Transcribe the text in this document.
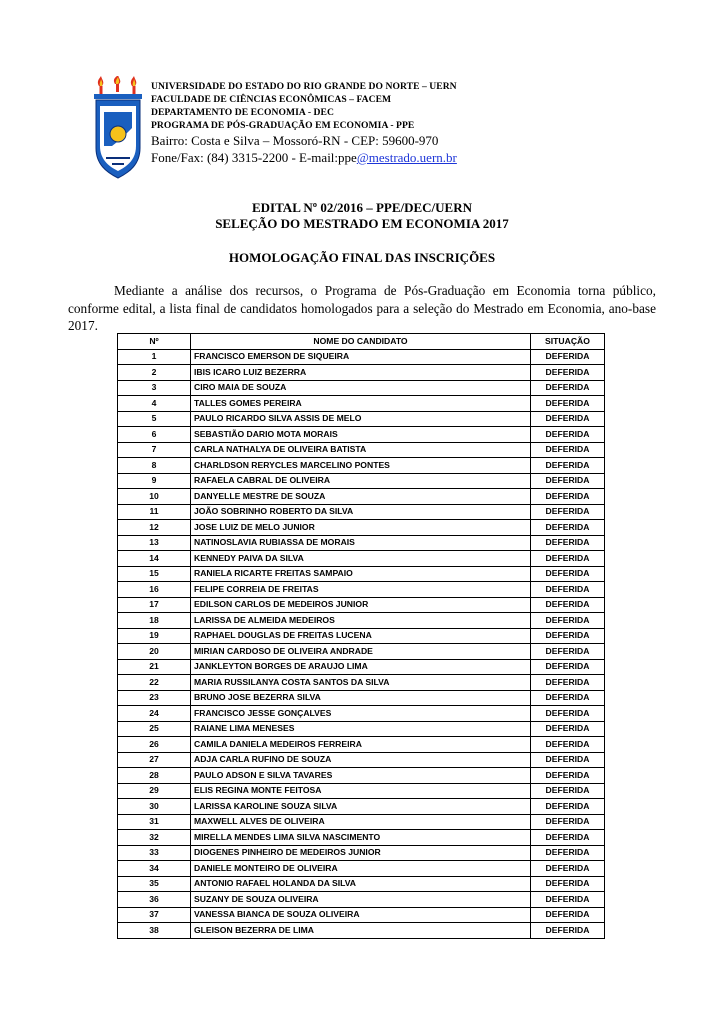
UNIVERSIDADE DO ESTADO DO RIO GRANDE DO NORTE – UERN
FACULDADE DE CIÊNCIAS ECONÔMICAS – FACEM
DEPARTAMENTO DE ECONOMIA - DEC
PROGRAMA DE PÓS-GRADUAÇÃO EM ECONOMIA - PPE
Bairro: Costa e Silva – Mossoró-RN - CEP: 59600-970
Fone/Fax: (84) 3315-2200 - E-mail:ppe@mestrado.uern.br
EDITAL Nº 02/2016 – PPE/DEC/UERN
SELEÇÃO DO MESTRADO EM ECONOMIA 2017
HOMOLOGAÇÃO FINAL DAS INSCRIÇÕES

Mediante a análise dos recursos, o Programa de Pós-Graduação em Economia torna público, conforme edital, a lista final de candidatos homologados para a seleção do Mestrado em Economia, ano-base 2017.

Nº	NOME DO CANDIDATO	SITUAÇÃO
1	FRANCISCO EMERSON DE SIQUEIRA	DEFERIDA
2	IBIS ICARO LUIZ BEZERRA	DEFERIDA
3	CIRO MAIA DE SOUZA	DEFERIDA
4	TALLES GOMES PEREIRA	DEFERIDA
5	PAULO RICARDO SILVA ASSIS DE MELO	DEFERIDA
6	SEBASTIÃO DARIO MOTA MORAIS	DEFERIDA
7	CARLA NATHALYA DE OLIVEIRA BATISTA	DEFERIDA
8	CHARLDSON RERYCLES MARCELINO PONTES	DEFERIDA
9	RAFAELA CABRAL DE OLIVEIRA	DEFERIDA
10	DANYELLE MESTRE DE SOUZA	DEFERIDA
11	JOÃO SOBRINHO ROBERTO DA SILVA	DEFERIDA
12	JOSE LUIZ DE MELO JUNIOR	DEFERIDA
13	NATINOSLAVIA RUBIASSA DE MORAIS	DEFERIDA
14	KENNEDY PAIVA DA SILVA	DEFERIDA
15	RANIELA RICARTE FREITAS SAMPAIO	DEFERIDA
16	FELIPE CORREIA DE FREITAS	DEFERIDA
17	EDILSON CARLOS DE MEDEIROS JUNIOR	DEFERIDA
18	LARISSA DE ALMEIDA MEDEIROS	DEFERIDA
19	RAPHAEL DOUGLAS DE FREITAS LUCENA	DEFERIDA
20	MIRIAN CARDOSO DE OLIVEIRA ANDRADE	DEFERIDA
21	JANKLEYTON BORGES DE ARAUJO LIMA	DEFERIDA
22	MARIA RUSSILANYA COSTA SANTOS DA SILVA	DEFERIDA
23	BRUNO JOSE BEZERRA SILVA	DEFERIDA
24	FRANCISCO JESSE GONÇALVES	DEFERIDA
25	RAIANE LIMA MENESES	DEFERIDA
26	CAMILA DANIELA MEDEIROS FERREIRA	DEFERIDA
27	ADJA CARLA RUFINO DE SOUZA	DEFERIDA
28	PAULO ADSON E SILVA TAVARES	DEFERIDA
29	ELIS REGINA MONTE FEITOSA	DEFERIDA
30	LARISSA KAROLINE SOUZA SILVA	DEFERIDA
31	MAXWELL ALVES DE OLIVEIRA	DEFERIDA
32	MIRELLA MENDES LIMA SILVA NASCIMENTO	DEFERIDA
33	DIOGENES PINHEIRO DE MEDEIROS JUNIOR	DEFERIDA
34	DANIELE MONTEIRO DE OLIVEIRA	DEFERIDA
35	ANTONIO RAFAEL HOLANDA DA SILVA	DEFERIDA
36	SUZANY DE SOUZA OLIVEIRA	DEFERIDA
37	VANESSA BIANCA DE SOUZA OLIVEIRA	DEFERIDA
38	GLEISON BEZERRA DE LIMA	DEFERIDA
